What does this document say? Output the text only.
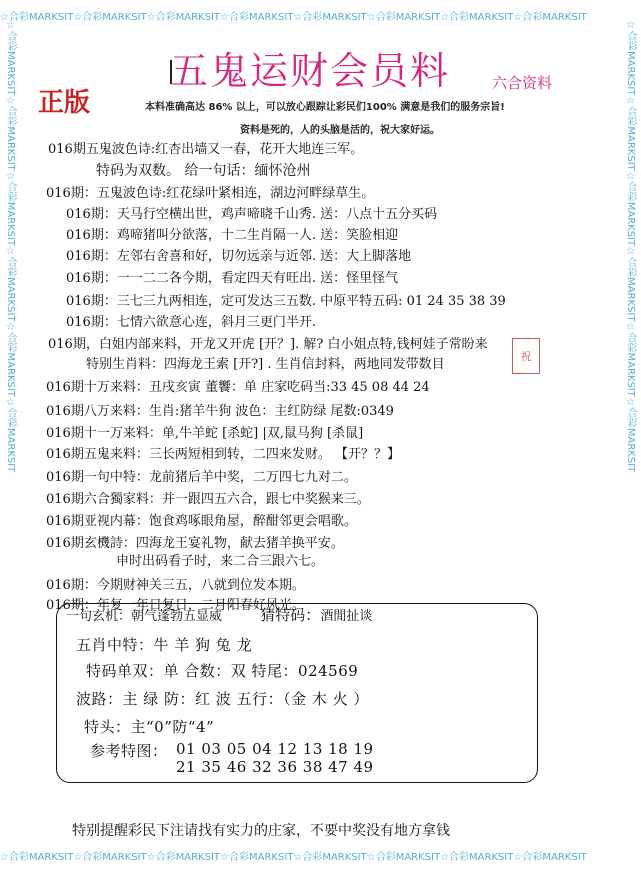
☆合彩MARKSIT☆合彩MARKSIT☆合彩MARKSIT☆合彩MARKSIT☆合彩MARKSIT☆合彩MARKSIT☆合彩MARKSIT☆合彩MARKSIT
☆合彩MARKSIT☆合彩MARKSIT☆合彩MARKSIT☆合彩MARKSIT☆合彩MARKSIT☆合彩MARKSIT☆合彩MARKSIT☆合彩MARKSIT
☆合彩MARKSIT☆合彩MARKSIT☆合彩MARKSIT☆合彩MARKSIT☆合彩MARKSIT☆合彩MARKSIT	☆合彩MARKSIT☆合彩MARKSIT☆合彩MARKSIT☆合彩MARKSIT☆合彩MARKSIT☆合彩MARKSIT
五鬼运财会员料
正版
六合资料
本料准确高达 86% 以上，可以放心跟踪让彩民们100% 满意是我们的服务宗旨!
资料是死的，人的头脑是活的，祝大家好运。
016期五鬼波色诗:红杏出墙又一春，花开大地连三军。
特码为双数。 给一句话：缅怀沧州
016期：五鬼波色诗:红花绿叶紧相连，湖边河畔绿草生。
016期：天马行空横出世，鸡声啼晓千山秀. 送：八点十五分买码
016期：鸡啼猪叫分欲落，十二生肖隔一人. 送：笑脸相迎
016期：左邻右舍喜和好，切勿远亲与近邻. 送：大上脚落地
016期：一一二二各今期，看定四天有旺出. 送：怪里怪气
016期：三七三九两相连，定可发达三五数. 中原平特五码: 01 24 35 38 39
016期：七情六欲意心连，斜月三更门半开.
016期，白姐内部来料，开龙又开虎 [开？]. 解? 白小姐点特,钱柯娃子常盼来
特别生肖料：四海龙王索 [开?] . 生肖信封料，两地同发带数目
祝
016期十万来料：丑戌亥寅 董饗：单 庄家吃码当:33 45 08 44 24
016期八万来料：生肖:猪羊牛狗 波色：主红防绿 尾数:0349
016期十一万来料：单,牛羊蛇 [杀蛇] |双,鼠马狗 [杀鼠]
016期五鬼来料：三长两短相到转，二四来发财。 【开？？】
016期一句中特：龙前猪后羊中奖，二万四七九对二。
016期六合獨家料：并一跟四五六合，跟七中奖猴来三。
016期亚视内幕：饱食鸡啄眼角屋，醉酣邻更会唱歌。
016期玄機詩：四海龙王宴礼物，献去猪羊换平安。
申时出码看子时，来二合三跟六七。
016期：今期财神关三五，八就到位发本期。
016期：年复一年日复日，二月阳春好风光。
一句玄机：朝气蓬勃五显威	猜特码：酒閒扯谈
五肖中特：牛 羊 狗 兔 龙
特码单双：单 合数：双 特尾：024569
波路：主 绿 防：红 波 五行：（金 木 火 ）
特头：主“0”防“4”
参考特图： 01 03 05 04 12 13 18 19
21 35 46 32 36 38 47 49
特别提醒彩民下注请找有实力的庄家，不要中奖没有地方拿钱
